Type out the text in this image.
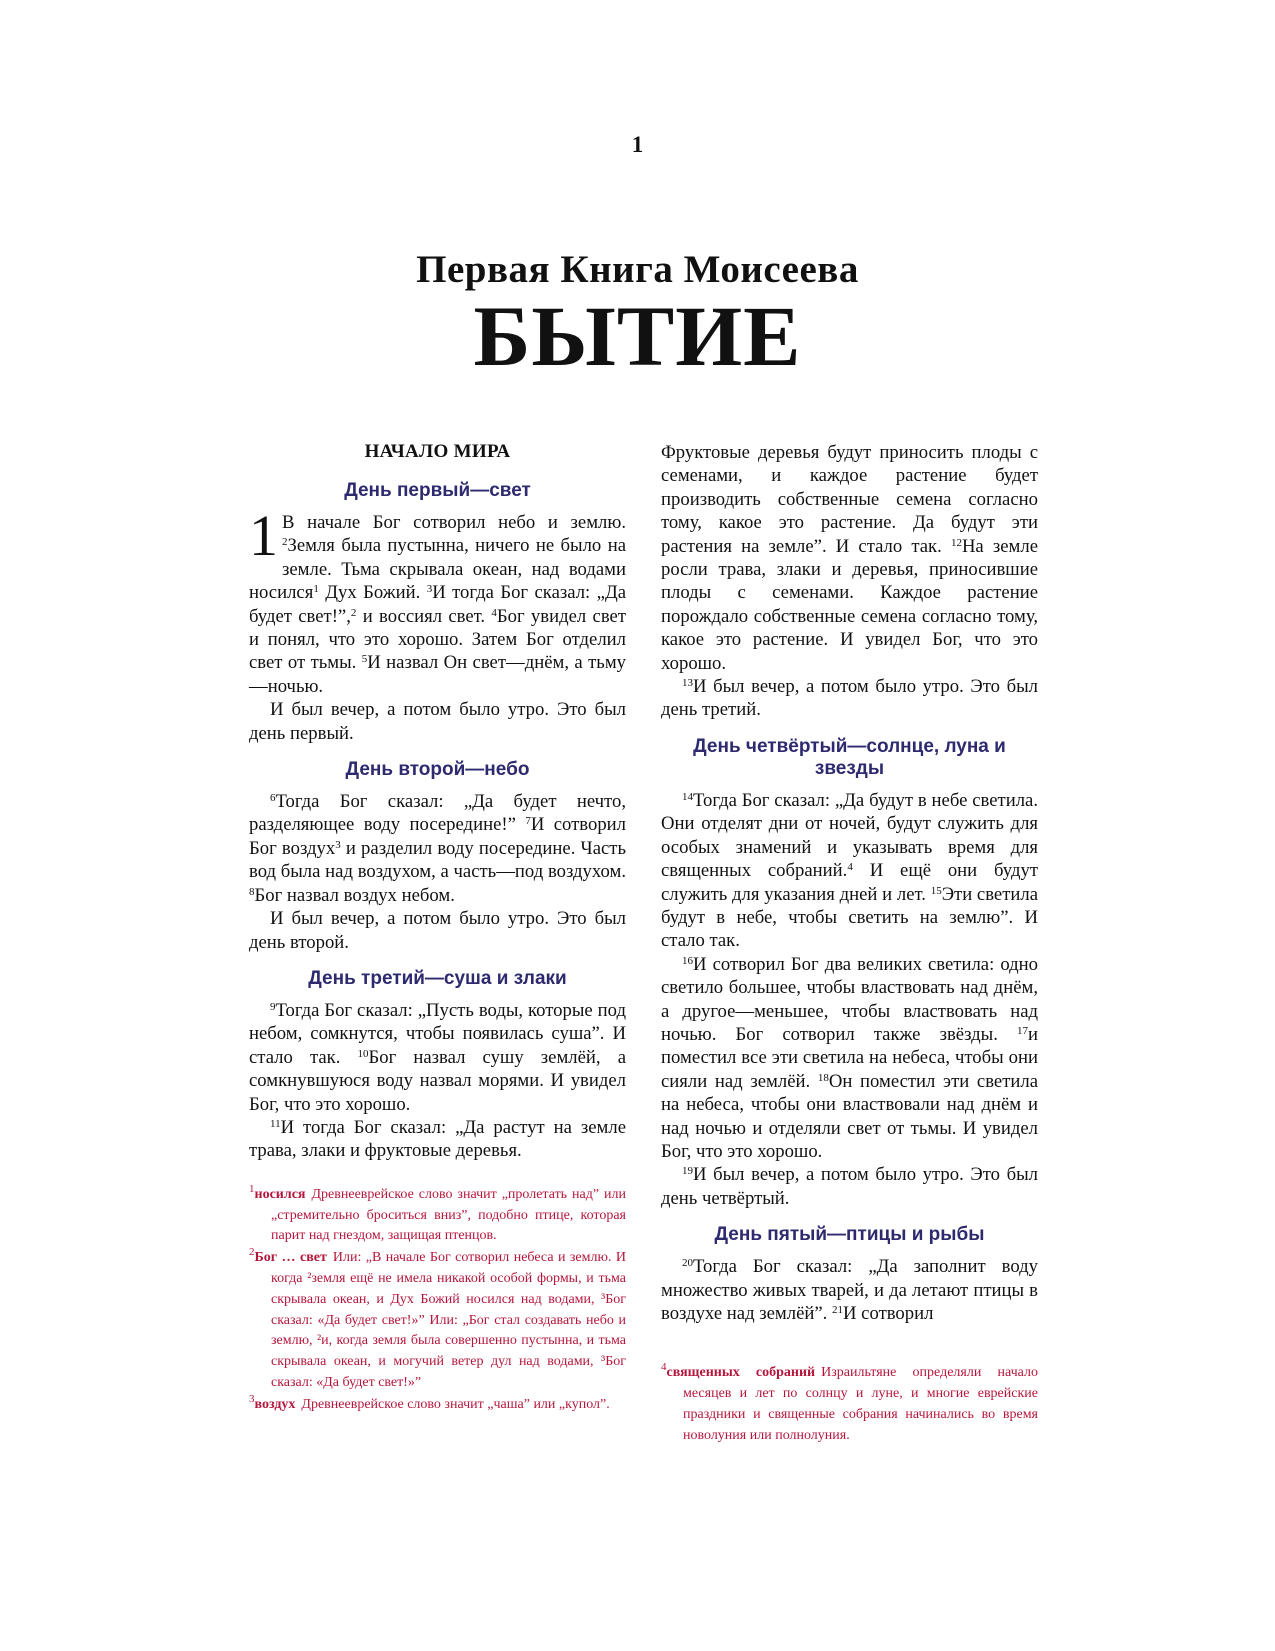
1
Первая Книга Моисеева
БЫТИЕ
НАЧАЛО МИРА
День первый—свет

1 В начале Бог сотворил небо и землю. $^2$Земля была пустынна, ничего не было на земле. Тьма скрывала океан, над водами носился$^1$ Дух Божий. $^3$И тогда Бог сказал: „Да будет свет!”,$^2$ и воссиял свет. $^4$Бог увидел свет и понял, что это хорошо. Затем Бог отделил свет от тьмы. $^5$И назвал Он свет—днём, а тьму—ночью.

И был вечер, а потом было утро. Это был день первый.

День второй—небо

$^6$Тогда Бог сказал: „Да будет нечто, разделяющее воду посередине!” $^7$И сотворил Бог воздух$^3$ и разделил воду посередине. Часть вод была над воздухом, а часть—под воздухом. $^8$Бог назвал воздух небом.

И был вечер, а потом было утро. Это был день второй.

День третий—суша и злаки

$^9$Тогда Бог сказал: „Пусть воды, которые под небом, сомкнутся, чтобы появилась суша”. И стало так. $^{10}$Бог назвал сушу землёй, а сомкнувшуюся воду назвал морями. И увидел Бог, что это хорошо.

$^{11}$И тогда Бог сказал: „Да растут на земле трава, злаки и фруктовые деревья.

$^1$носился Древнееврейское слово значит „пролетать над” или „стремительно броситься вниз”, подобно птице, которая парит над гнездом, защищая птенцов.

$^2$Бог … свет Или: „В начале Бог сотворил небеса и землю. И когда ²земля ещё не имела никакой особой формы, и тьма скрывала океан, и Дух Божий носился над водами, ³Бог сказал: «Да будет свет!»” Или: „Бог стал создавать небо и землю, ²и, когда земля была совершенно пустынна, и тьма скрывала океан, и могучий ветер дул над водами, ³Бог сказал: «Да будет свет!»”

$^3$воздух Древнееврейское слово значит „чаша” или „купол”.

Фруктовые деревья будут приносить плоды с семенами, и каждое растение будет производить собственные семена согласно тому, какое это растение. Да будут эти растения на земле”. И стало так. $^{12}$На земле росли трава, злаки и деревья, приносившие плоды с семенами. Каждое растение порождало собственные семена согласно тому, какое это растение. И увидел Бог, что это хорошо.

$^{13}$И был вечер, а потом было утро. Это был день третий.

День четвёртый—солнце, луна и звезды

$^{14}$Тогда Бог сказал: „Да будут в небе светила. Они отделят дни от ночей, будут служить для особых знамений и указывать время для священных собраний.$^4$ И ещё они будут служить для указания дней и лет. $^{15}$Эти светила будут в небе, чтобы светить на землю”. И стало так.

$^{16}$И сотворил Бог два великих светила: одно светило большее, чтобы властвовать над днём, а другое—меньшее, чтобы властвовать над ночью. Бог сотворил также звёзды. $^{17}$и поместил все эти светила на небеса, чтобы они сияли над землёй. $^{18}$Он поместил эти светила на небеса, чтобы они властвовали над днём и над ночью и отделяли свет от тьмы. И увидел Бог, что это хорошо.

$^{19}$И был вечер, а потом было утро. Это был день четвёртый.

День пятый—птицы и рыбы

$^{20}$Тогда Бог сказал: „Да заполнит воду множество живых тварей, и да летают птицы в воздухе над землёй”. $^{21}$И сотворил

$^4$священных собраний Израильтяне определяли начало месяцев и лет по солнцу и луне, и многие еврейские праздники и священные собрания начинались во время новолуния или полнолуния.
